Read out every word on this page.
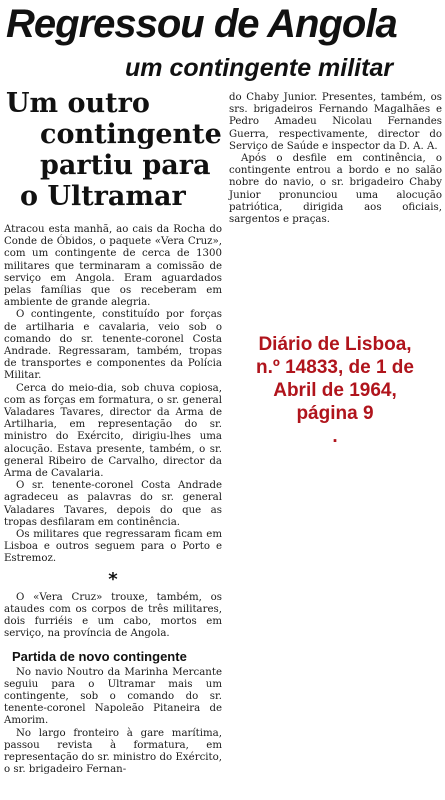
Regressou de Angola
um contingente militar
Um outro
contingente
partiu para
o Ultramar

Atracou esta manhã, ao cais da Rocha do Conde de Óbidos, o paquete «Vera Cruz», com um contingente de cerca de 1300 militares que terminaram a comissão de serviço em Angola. Eram aguardados pelas famílias que os receberam em ambiente de grande alegria.

O contingente, constituído por forças de artilharia e cavalaria, veio sob o comando do sr. tenente-coronel Costa Andrade. Regressaram, também, tropas de transportes e componentes da Polícia Militar.

Cerca do meio-dia, sob chuva copiosa, com as forças em formatura, o sr. general Valadares Tavares, director da Arma de Artilharia, em representação do sr. ministro do Exército, dirigiu-lhes uma alocução. Estava presente, também, o sr. general Ribeiro de Carvalho, director da Arma de Cavalaria.

O sr. tenente-coronel Costa Andrade agradeceu as palavras do sr. general Valadares Tavares, depois do que as tropas desfilaram em continência.

Os militares que regressaram ficam em Lisboa e outros seguem para o Porto e Estremoz.

*

O «Vera Cruz» trouxe, também, os ataudes com os corpos de três militares, dois furriéis e um cabo, mortos em serviço, na província de Angola.

Partida de novo contingente

No navio Noutro da Marinha Mercante seguiu para o Ultramar mais um contingente, sob o comando do sr. tenente-coronel Napoleão Pitaneira de Amorim.

No largo fronteiro à gare marítima, passou revista à formatura, em representação do sr. ministro do Exército, o sr. brigadeiro Fernan-

do Chaby Junior. Presentes, também, os srs. brigadeiros Fernando Magalhães e Pedro Amadeu Nicolau Fernandes Guerra, respectivamente, director do Serviço de Saúde e inspector da D. A. A.

Após o desfile em continência, o contingente entrou a bordo e no salão nobre do navio, o sr. brigadeiro Chaby Junior pronunciou uma alocução patriótica, dirigida aos oficiais, sargentos e praças.

Diário de Lisboa,
n.º 14833, de 1 de
Abril de 1964,
página 9
.
